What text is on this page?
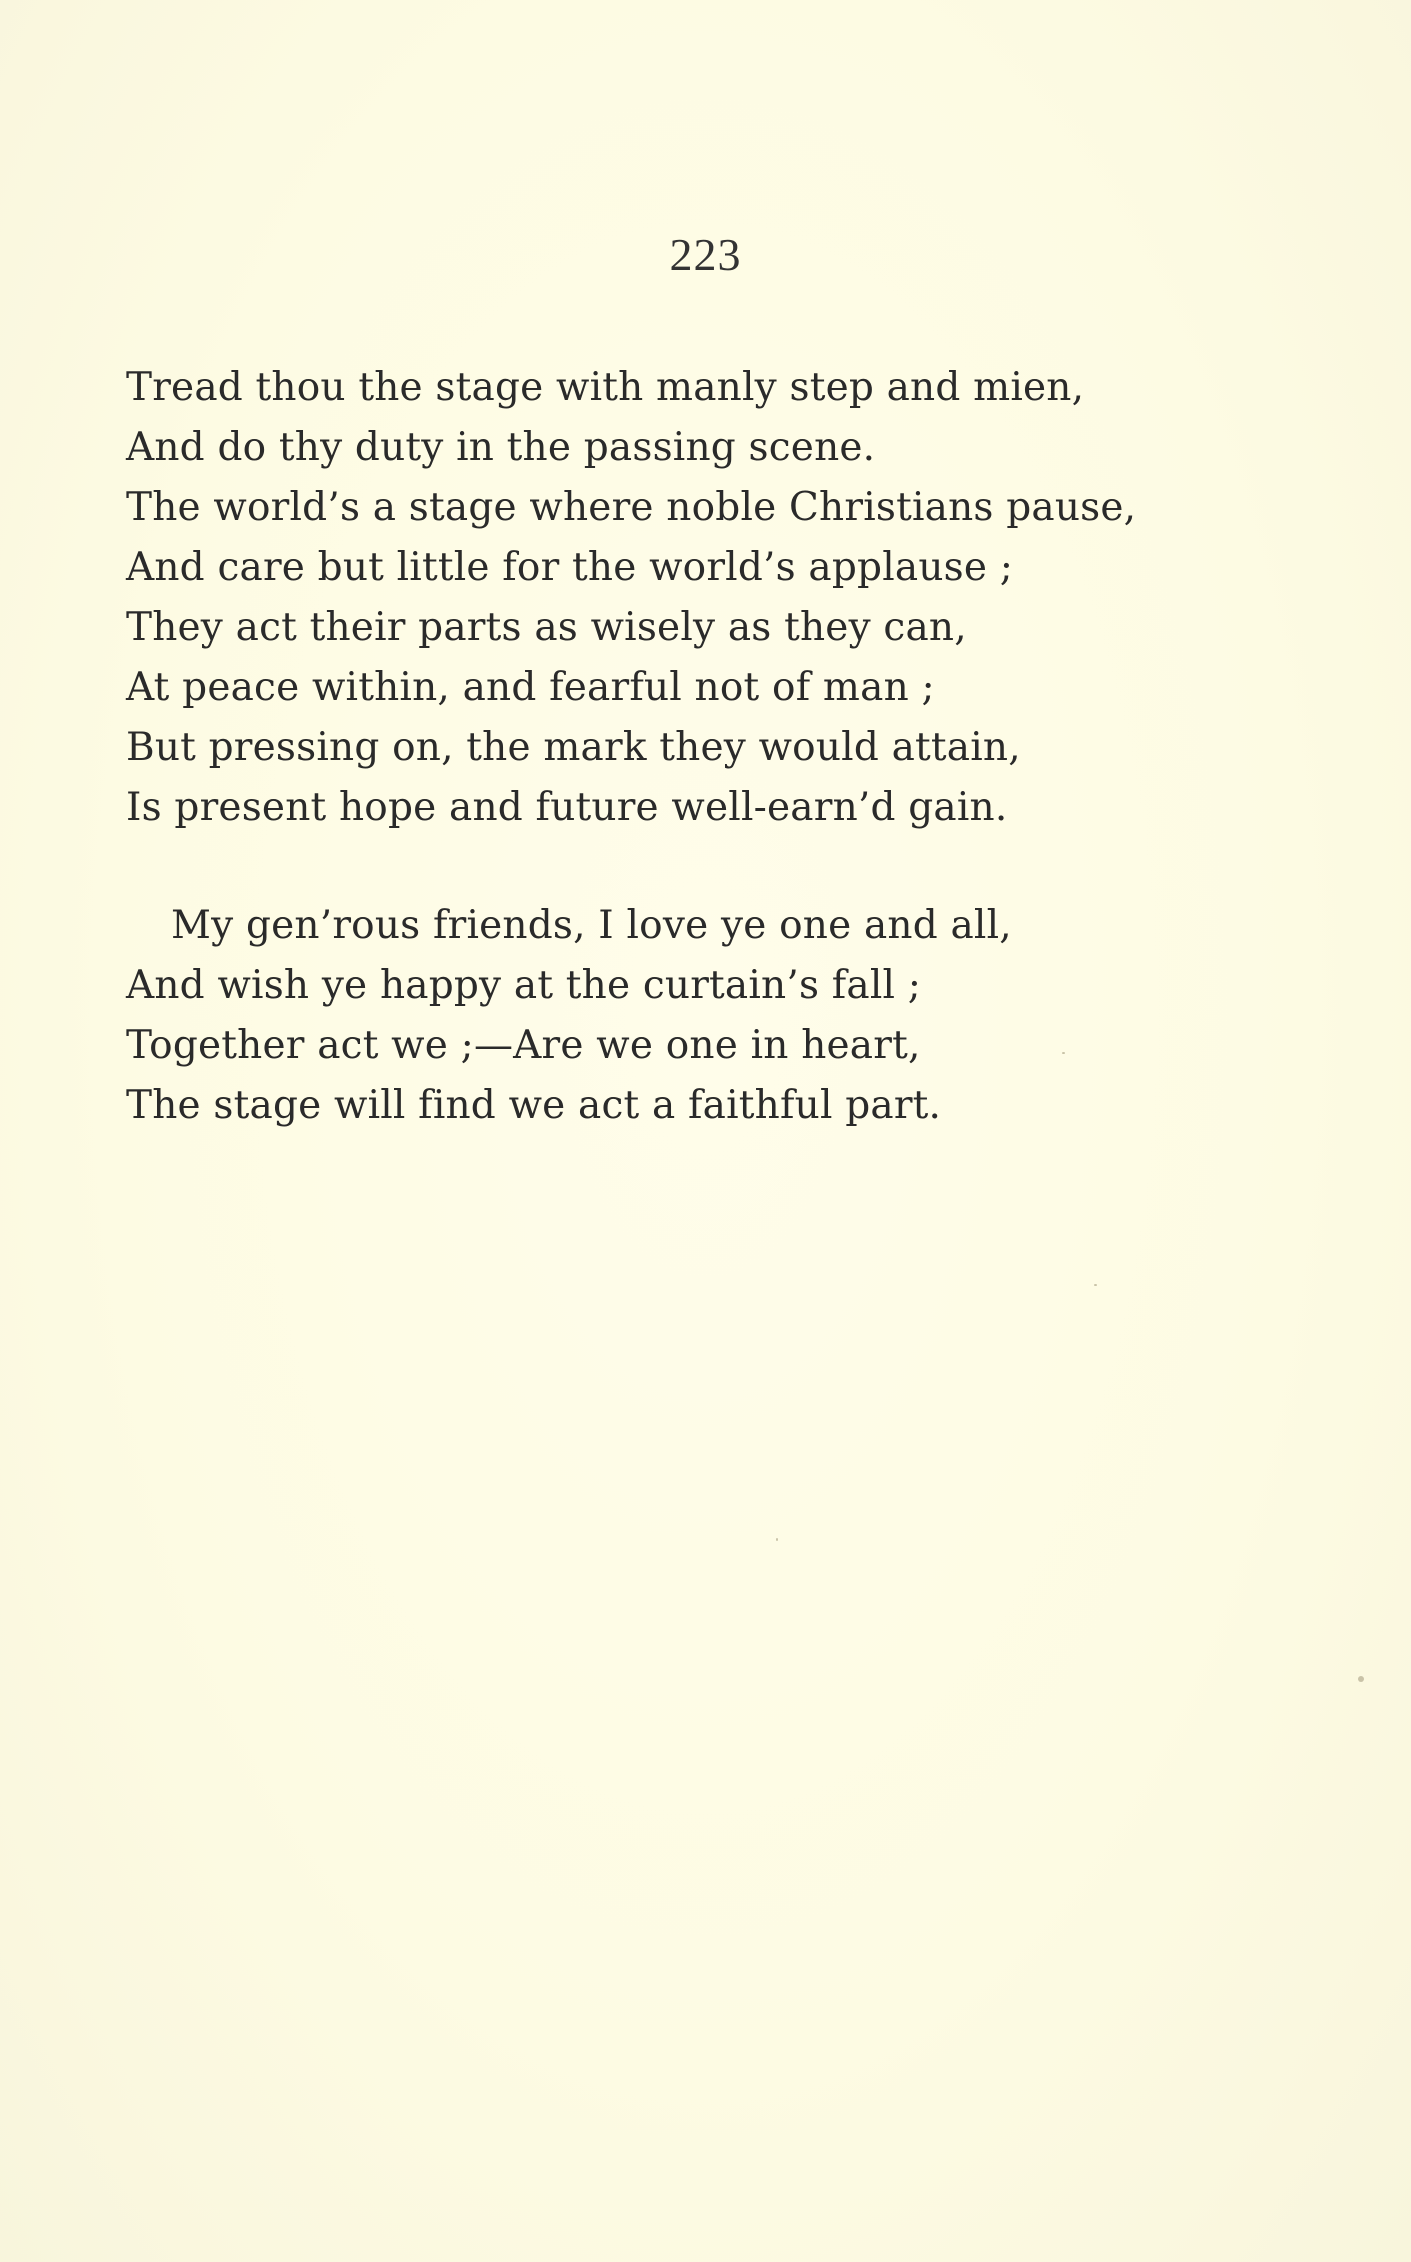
223
Tread thou the stage with manly step and mien,
And do thy duty in the passing scene.
The world’s a stage where noble Christians pause,
And care but little for the world’s applause ;
They act their parts as wisely as they can,
At peace within, and fearful not of man ;
But pressing on, the mark they would attain,
Is present hope and future well-earn’d gain.
My gen’rous friends, I love ye one and all,
And wish ye happy at the curtain’s fall ;
Together act we ;—Are we one in heart,
The stage will find we act a faithful part.
